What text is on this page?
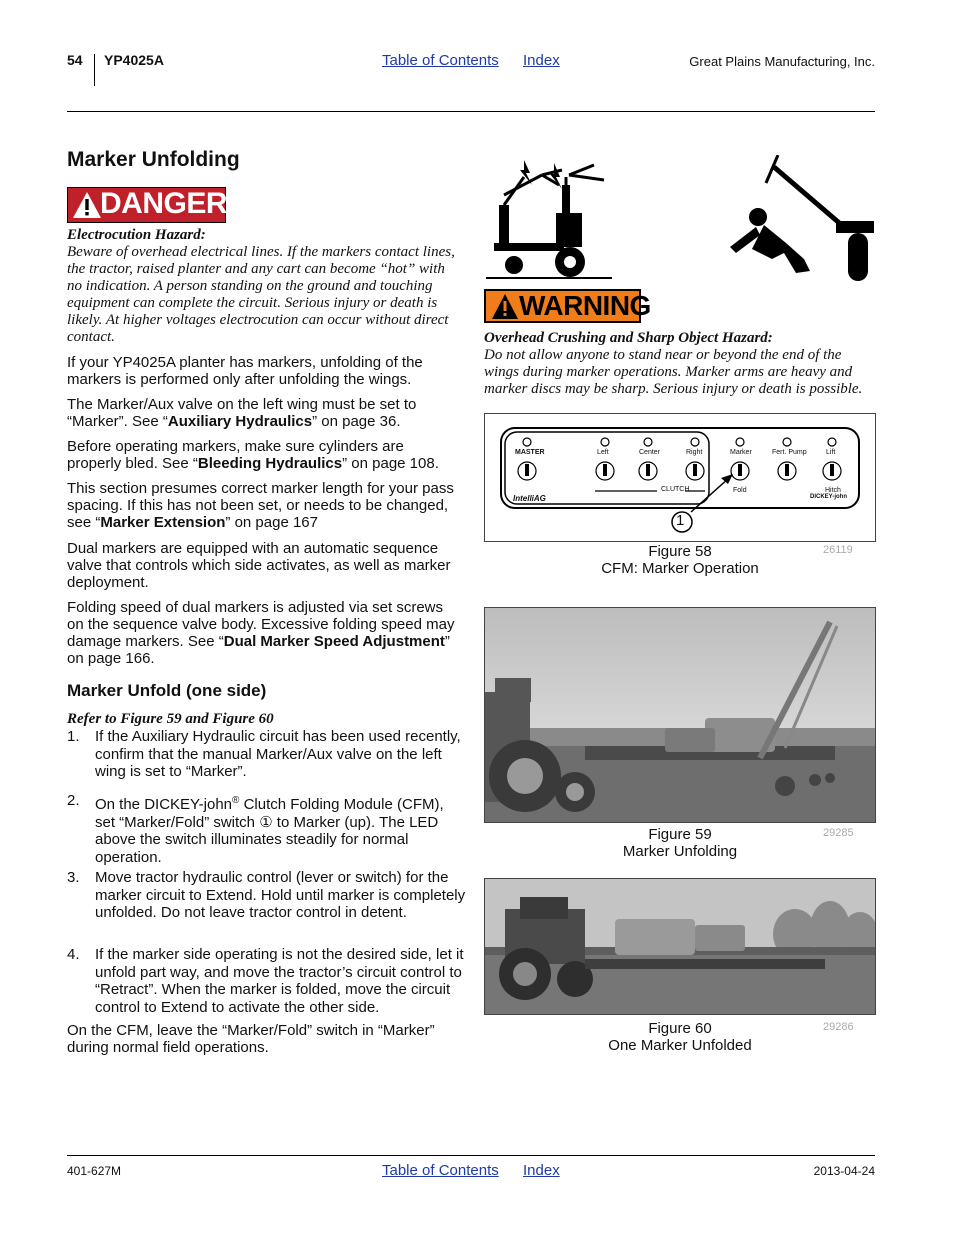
54 YP4025A	Table of Contents Index	Great Plains Manufacturing, Inc.
Marker Unfolding
DANGER
Electrocution Hazard:
Beware of overhead electrical lines. If the markers contact lines, the tractor, raised planter and any cart can become “hot” with no indication. A person standing on the ground and touching equipment can complete the circuit. Serious injury or death is likely. At higher voltages electrocution can occur without direct contact.
If your YP4025A planter has markers, unfolding of the markers is performed only after unfolding the wings.
The Marker/Aux valve on the left wing must be set to “Marker”. See “Auxiliary Hydraulics” on page 36.
Before operating markers, make sure cylinders are properly bled. See “Bleeding Hydraulics” on page 108.
This section presumes correct marker length for your pass spacing. If this has not been set, or needs to be changed, see “Marker Extension” on page 167
Dual markers are equipped with an automatic sequence valve that controls which side activates, as well as marker deployment.
Folding speed of dual markers is adjusted via set screws on the sequence valve body. Excessive folding speed may damage markers. See “Dual Marker Speed Adjustment” on page 166.
Marker Unfold (one side)
Refer to Figure 59 and Figure 60
1. If the Auxiliary Hydraulic circuit has been used recently, confirm that the manual Marker/Aux valve on the left wing is set to “Marker”.
2. On the DICKEY-john® Clutch Folding Module (CFM), set “Marker/Fold” switch ① to Marker (up). The LED above the switch illuminates steadily for normal operation.
3. Move tractor hydraulic control (lever or switch) for the marker circuit to Extend. Hold until marker is completely unfolded. Do not leave tractor control in detent.
4. If the marker side operating is not the desired side, let it unfold part way, and move the tractor’s circuit control to “Retract”. When the marker is folded, move the circuit control to Extend to activate the other side.
On the CFM, leave the “Marker/Fold” switch in “Marker” during normal field operations.
WARNING
Overhead Crushing and Sharp Object Hazard:
Do not allow anyone to stand near or beyond the end of the wings during marker operations. Marker arms are heavy and marker discs may be sharp. Serious injury or death is possible.
MASTER	Left	Center	Right	Marker	Fert. Pump	Lift
CLUTCH	Fold	Hitch
IntelliAG	DICKEY-john
1
Figure 58
CFM: Marker Operation
26119
Figure 59
Marker Unfolding
29285
Figure 60
One Marker Unfolded
29286
401-627M	Table of Contents Index	2013-04-24
